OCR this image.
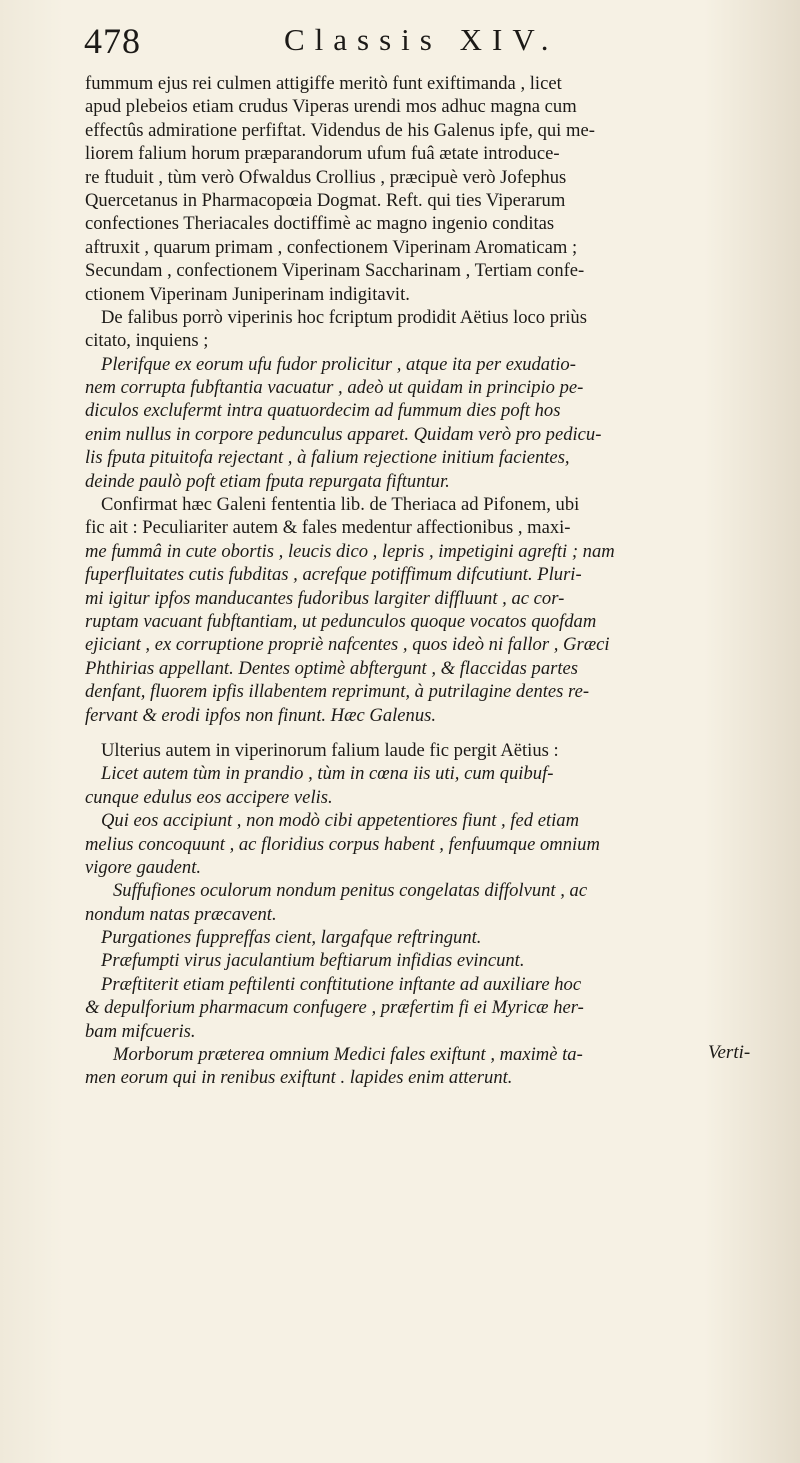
478	Classis XIV.
fummum ejus rei culmen attigiffe meritò funt exiftimanda , licet
apud plebeios etiam crudus Viperas urendi mos adhuc magna cum
effectûs admiratione perfiftat. Videndus de his Galenus ipfe, qui me-
liorem falium horum præparandorum ufum fuâ ætate introduce-
re ftuduit , tùm verò Ofwaldus Crollius , præcipuè verò Jofephus
Quercetanus in Pharmacopœia Dogmat. Reft. qui ties Viperarum
confectiones Theriacales doctiffimè ac magno ingenio conditas
aftruxit , quarum primam , confectionem Viperinam Aromaticam ;
Secundam , confectionem Viperinam Saccharinam , Tertiam confe-
ctionem Viperinam Juniperinam indigitavit.
De falibus porrò viperinis hoc fcriptum prodidit Aëtius loco priùs
citato, inquiens ;
Plerifque ex eorum ufu fudor prolicitur , atque ita per exudatio-
nem corrupta fubftantia vacuatur , adeò ut quidam in principio pe-
diculos exclufermt intra quatuordecim ad fummum dies poft hos
enim nullus in corpore pedunculus apparet. Quidam verò pro pedicu-
lis fputa pituitofa rejectant , à falium rejectione initium facientes,
deinde paulò poft etiam fputa repurgata fiftuntur.
Confirmat hæc Galeni fententia lib. de Theriaca ad Pifonem, ubi
fic ait : Peculiariter autem & fales medentur affectionibus , maxi-
me fummâ in cute obortis , leucis dico , lepris , impetigini agrefti ; nam
fuperfluitates cutis fubditas , acrefque potiffimum difcutiunt. Pluri-
mi igitur ipfos manducantes fudoribus largiter diffluunt , ac cor-
ruptam vacuant fubftantiam, ut pedunculos quoque vocatos quofdam
ejiciant , ex corruptione propriè nafcentes , quos ideò ni fallor , Græci
Phthirias appellant. Dentes optimè abftergunt , & flaccidas partes
denfant, fluorem ipfis illabentem reprimunt, à putrilagine dentes re-
fervant & erodi ipfos non finunt. Hæc Galenus.
Ulterius autem in viperinorum falium laude fic pergit Aëtius :
Licet autem tùm in prandio , tùm in cœna iis uti, cum quibuf-
cunque edulus eos accipere velis.
Qui eos accipiunt , non modò cibi appetentiores fiunt , fed etiam
melius concoquunt , ac floridius corpus habent , fenfuumque omnium
vigore gaudent.
Suffufiones oculorum nondum penitus congelatas diffolvunt , ac
nondum natas præcavent.
Purgationes fuppreffas cient, largafque reftringunt.
Præfumpti virus jaculantium beftiarum infidias evincunt.
Præftiterit etiam peftilenti conftitutione inftante ad auxiliare hoc
& depulforium pharmacum confugere , præfertim fi ei Myricæ her-
bam mifcueris.
Morborum præterea omnium Medici fales exiftunt , maximè ta-
men eorum qui in renibus exiftunt . lapides enim atterunt.
Verti-
